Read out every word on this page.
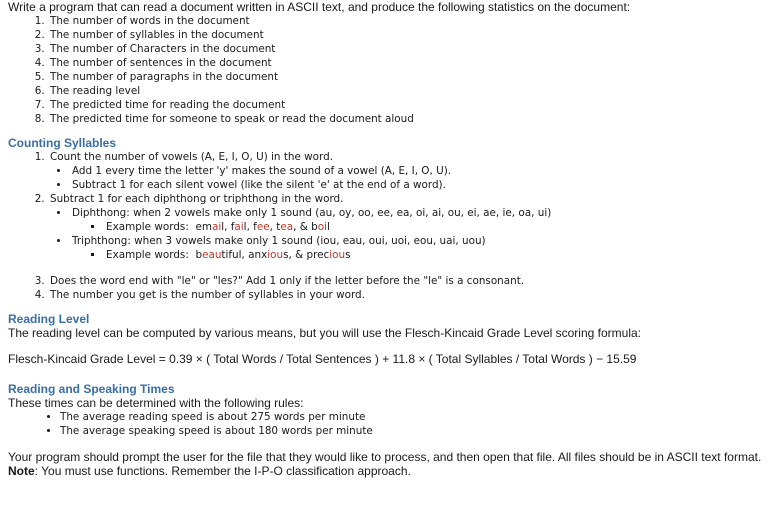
Write a program that can read a document written in ASCII text, and produce the following statistics on the document:

1. The number of words in the document
2. The number of syllables in the document
3. The number of Characters in the document
4. The number of sentences in the document
5. The number of paragraphs in the document
6. The reading level
7. The predicted time for reading the document
8. The predicted time for someone to speak or read the document aloud

Counting Syllables

1. Count the number of vowels (A, E, I, O, U) in the word.
• Add 1 every time the letter 'y' makes the sound of a vowel (A, E, I, O, U).
• Subtract 1 for each silent vowel (like the silent 'e' at the end of a word).
2. Subtract 1 for each diphthong or triphthong in the word.
• Diphthong: when 2 vowels make only 1 sound (au, oy, oo, ee, ea, oi, ai, ou, ei, ae, ie, oa, ui)
▪ Example words: email, fail, fee, tea, & boil
• Triphthong: when 3 vowels make only 1 sound (iou, eau, oui, uoi, eou, uai, uou)
▪ Example words: beautiful, anxious, & precious
3. Does the word end with "le" or "les?" Add 1 only if the letter before the "le" is a consonant.
4. The number you get is the number of syllables in your word.

Reading Level

The reading level can be computed by various means, but you will use the Flesch-Kincaid Grade Level scoring formula:

Flesch-Kincaid Grade Level = 0.39 × ( Total Words / Total Sentences ) + 11.8 × ( Total Syllables / Total Words ) − 15.59

Reading and Speaking Times

These times can be determined with the following rules:

• The average reading speed is about 275 words per minute
• The average speaking speed is about 180 words per minute

Your program should prompt the user for the file that they would like to process, and then open that file. All files should be in ASCII text format.

Note: You must use functions. Remember the I-P-O classification approach.
